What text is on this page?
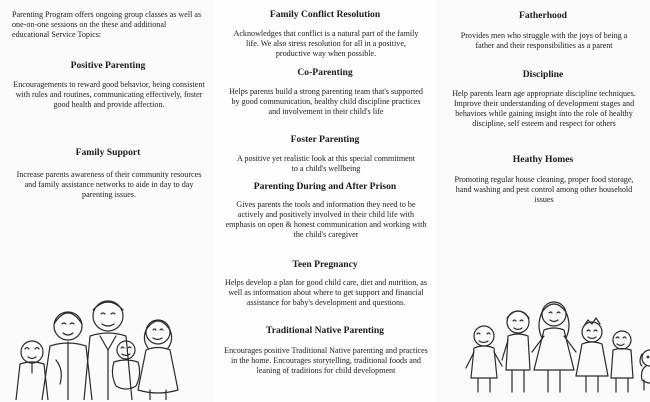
Parenting Program offers ongoing group classes as well as one-on-one sessions on the these and additional educational Service Topics:

Positive Parenting

Encouragements to reward good behavior, being consistent with rules and routines, communicating effectively, foster good health and provide affection.

Family Support

Increase parents awareness of their community resources and family assistance networks to aide in day to day parenting issues.

Family Conflict Resolution

Acknowledges that conflict is a natural part of the family life. We also stress resolution for all in a positive, productive way when possible.

Co-Parenting

Helps parents build a strong parenting team that's supported by good communication, healthy child discipline practices and involvement in their child's life

Foster Parenting

A positive yet realistic look at this special commitment to a child's wellbeing

Parenting During and After Prison

Gives parents the tools and information they need to be actively and positively involved in their child life with emphasis on open & honest communication and working with the child's caregiver

Teen Pregnancy

Helps develop a plan for good child care, diet and nutrition, as well as information about where to get support and financial assistance for baby's development and questions.

Traditional Native Parenting

Encourages positive Traditional Native parenting and practices in the home. Encourages storytelling, traditional foods and leaning of traditions for child development

Fatherhood

Provides men who struggle with the joys of being a father and their responsibilities as a parent

Discipline

Help parents learn age appropriate discipline techniques. Improve their understanding of development stages and behaviors while gaining insight into the role of healthy discipline, self esteem and respect for others

Heathy Homes

Promoting regular house cleaning, proper food storage, hand washing and pest control among other household issues
